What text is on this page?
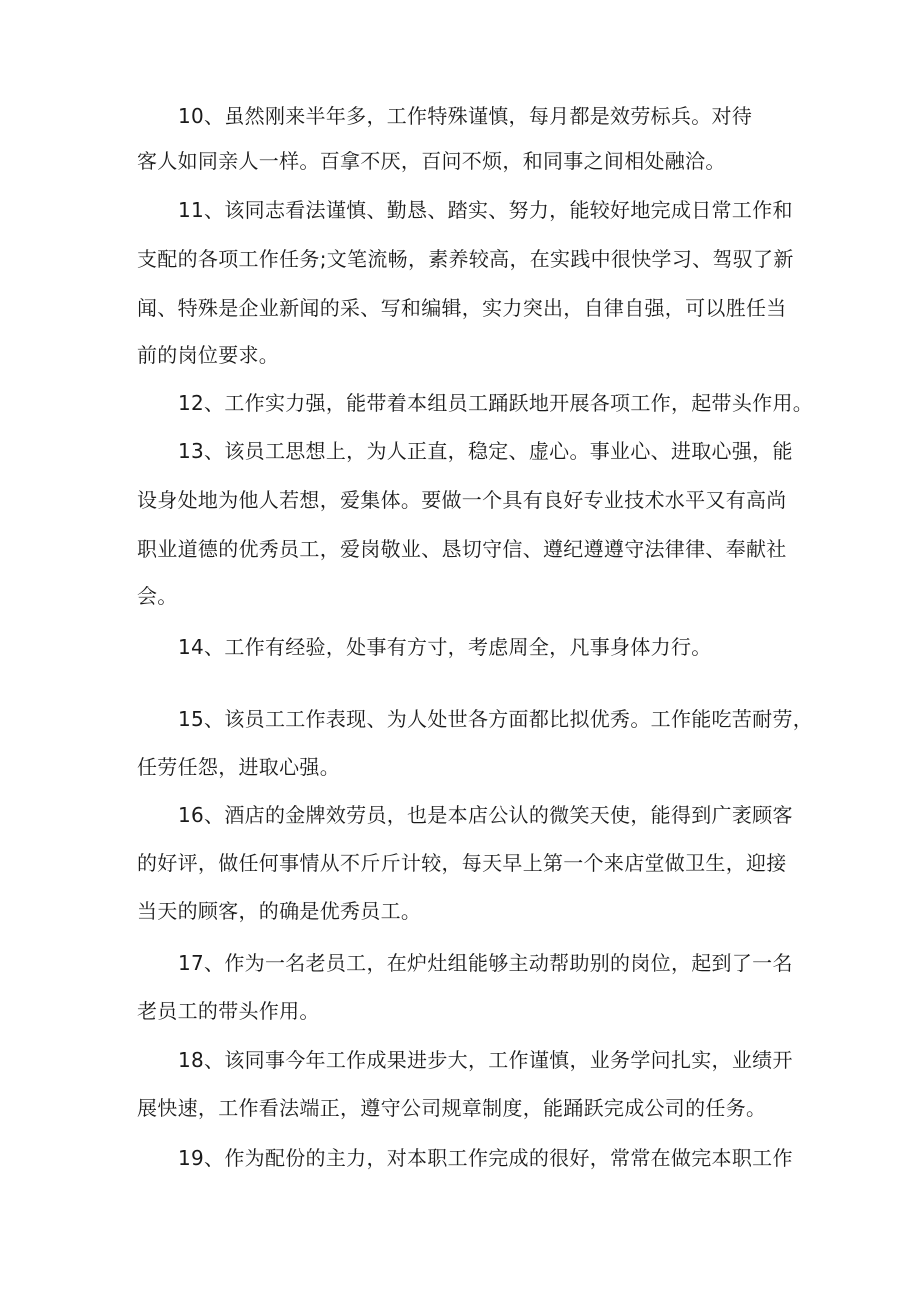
10、虽然刚来半年多，工作特殊谨慎，每月都是效劳标兵。对待
客人如同亲人一样。百拿不厌，百问不烦，和同事之间相处融洽。
11、该同志看法谨慎、勤恳、踏实、努力，能较好地完成日常工作和
支配的各项工作任务;文笔流畅，素养较高，在实践中很快学习、驾驭了新
闻、特殊是企业新闻的采、写和编辑，实力突出，自律自强，可以胜任当
前的岗位要求。
12、工作实力强，能带着本组员工踊跃地开展各项工作，起带头作用。
13、该员工思想上，为人正直，稳定、虚心。事业心、进取心强，能
设身处地为他人若想，爱集体。要做一个具有良好专业技术水平又有高尚
职业道德的优秀员工，爱岗敬业、恳切守信、遵纪遵遵守法律律、奉献社
会。
14、工作有经验，处事有方寸，考虑周全，凡事身体力行。
15、该员工工作表现、为人处世各方面都比拟优秀。工作能吃苦耐劳，
任劳任怨，进取心强。
16、酒店的金牌效劳员，也是本店公认的微笑天使，能得到广袤顾客
的好评，做任何事情从不斤斤计较，每天早上第一个来店堂做卫生，迎接
当天的顾客，的确是优秀员工。
17、作为一名老员工，在炉灶组能够主动帮助别的岗位，起到了一名
老员工的带头作用。
18、该同事今年工作成果进步大，工作谨慎，业务学问扎实，业绩开
展快速，工作看法端正，遵守公司规章制度，能踊跃完成公司的任务。
19、作为配份的主力，对本职工作完成的很好，常常在做完本职工作
